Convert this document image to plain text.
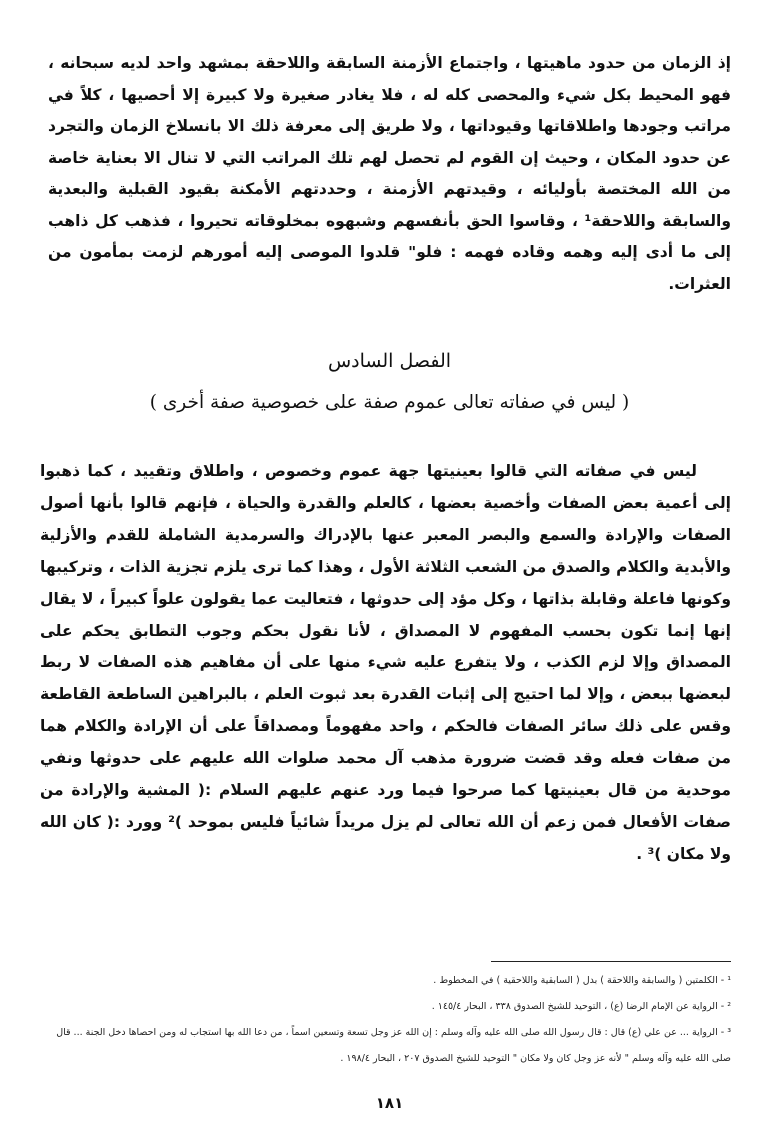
إذ الزمان من حدود ماهيتها ، واجتماع الأزمنة السابقة واللاحقة بمشهد واحد لديه سبحانه ، فهو المحيط بكل شيء والمحصى كله له ، فلا يغادر صغيرة ولا كبيرة إلا أحصيها ، كلاً في مراتب وجودها واطلاقاتها وقيوداتها ، ولا طريق إلى معرفة ذلك الا بانسلاخ الزمان والتجرد عن حدود المكان ، وحيث إن القوم لم تحصل لهم تلك المراتب التي لا تنال الا بعناية خاصة من الله المختصة بأوليائه ، وقيدتهم الأزمنة ، وحددتهم الأمكنة بقيود القبلية والبعدية والسابقة واللاحقة¹ ، وقاسوا الحق بأنفسهم وشبهوه بمخلوقاته تحيروا ، فذهب كل ذاهب إلى ما أدى إليه وهمه وقاده فهمه : فلو" قلدوا الموصى إليه أمورهم لزمت بمأمون من العثرات.

الفصل السادس
( ليس في صفاته تعالى عموم صفة على خصوصية صفة أخرى )

ليس في صفاته التي قالوا بعينيتها جهة عموم وخصوص ، واطلاق وتقييد ، كما ذهبوا إلى أعمية بعض الصفات وأخصية بعضها ، كالعلم والقدرة والحياة ، فإنهم قالوا بأنها أصول الصفات والإرادة والسمع والبصر المعبر عنها بالإدراك والسرمدية الشاملة للقدم والأزلية والأبدية والكلام والصدق من الشعب الثلاثة الأول ، وهذا كما ترى يلزم تجزية الذات ، وتركيبها وكونها فاعلة وقابلة بذاتها ، وكل مؤد إلى حدوثها ، فتعاليت عما يقولون علواً كبيراً ، لا يقال إنها إنما تكون بحسب المفهوم لا المصداق ، لأنا نقول بحكم وجوب التطابق يحكم على المصداق وإلا لزم الكذب ، ولا يتفرع عليه شيء منها على أن مفاهيم هذه الصفات لا ربط لبعضها ببعض ، وإلا لما احتيج إلى إثبات القدرة بعد ثبوت العلم ، بالبراهين الساطعة القاطعة وقس على ذلك سائر الصفات فالحكم ، واحد مفهوماً ومصداقاً على أن الإرادة والكلام هما من صفات فعله وقد قضت ضرورة مذهب آل محمد صلوات الله عليهم على حدوثها ونفي موحدية من قال بعينيتها كما صرحوا فيما ورد عنهم عليهم السلام :( المشية والإرادة من صفات الأفعال فمن زعم أن الله تعالى لم يزل مريداً شائياً فليس بموحد )² وورد :( كان الله ولا مكان )³ .

¹ - الكلمتين ( والسابقة واللاحقة ) بدل ( السابقية واللاحقية ) في المخطوط .

² - الرواية عن الإمام الرضا (ع) ، التوحيد للشيخ الصدوق ٣٣٨ ، البحار ١٤٥/٤ .

³ - الرواية ... عن علي (ع) قال : قال رسول الله صلى الله عليه وآله وسلم : إن الله عز وجل تسعة وتسعين اسماً ، من دعا الله بها استجاب له ومن احصاها دخل الجنة ... قال صلى الله عليه وآله وسلم " لأنه عز وجل كان ولا مكان " التوحيد للشيخ الصدوق ٢٠٧ ، البحار ١٩٨/٤ .

١٨١
